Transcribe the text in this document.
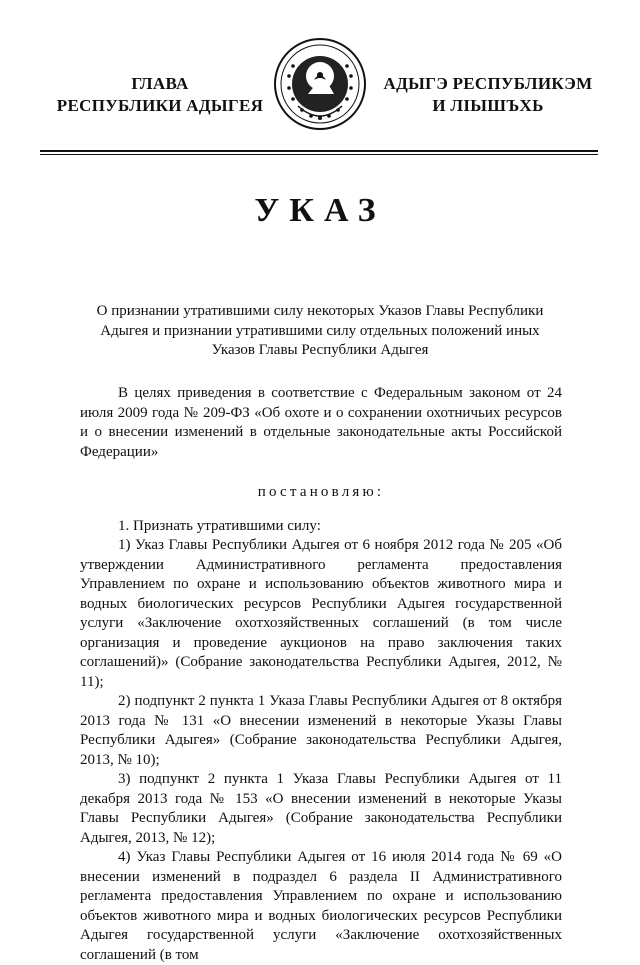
ГЛАВА
РЕСПУБЛИКИ АДЫГЕЯ
АДЫГЭ РЕСПУБЛИКЭМ
И ЛІЫШЪХЬ
УКАЗ
О признании утратившими силу некоторых Указов Главы Республики Адыгея и признании утратившими силу отдельных положений иных Указов Главы Республики Адыгея

В целях приведения в соответствие с Федеральным законом от 24 июля 2009 года № 209-ФЗ «Об охоте и о сохранении охотничьих ресурсов и о внесении изменений в отдельные законодательные акты Российской Федерации»

постановляю:

1. Признать утратившими силу:

1) Указ Главы Республики Адыгея от 6 ноября 2012 года № 205 «Об утверждении Административного регламента предоставления Управлением по охране и использованию объектов животного мира и водных биологических ресурсов Республики Адыгея государственной услуги «Заключение охотхозяйственных соглашений (в том числе организация и проведение аукционов на право заключения таких соглашений)» (Собрание законодательства Республики Адыгея, 2012, № 11);

2) подпункт 2 пункта 1 Указа Главы Республики Адыгея от 8 октября 2013 года № 131 «О внесении изменений в некоторые Указы Главы Республики Адыгея» (Собрание законодательства Республики Адыгея, 2013, № 10);

3) подпункт 2 пункта 1 Указа Главы Республики Адыгея от 11 декабря 2013 года № 153 «О внесении изменений в некоторые Указы Главы Республики Адыгея» (Собрание законодательства Республики Адыгея, 2013, № 12);

4) Указ Главы Республики Адыгея от 16 июля 2014 года № 69 «О внесении изменений в подраздел 6 раздела II Административного регламента предоставления Управлением по охране и использованию объектов животного мира и водных биологических ресурсов Республики Адыгея государственной услуги «Заключение охотхозяйственных соглашений (в том
